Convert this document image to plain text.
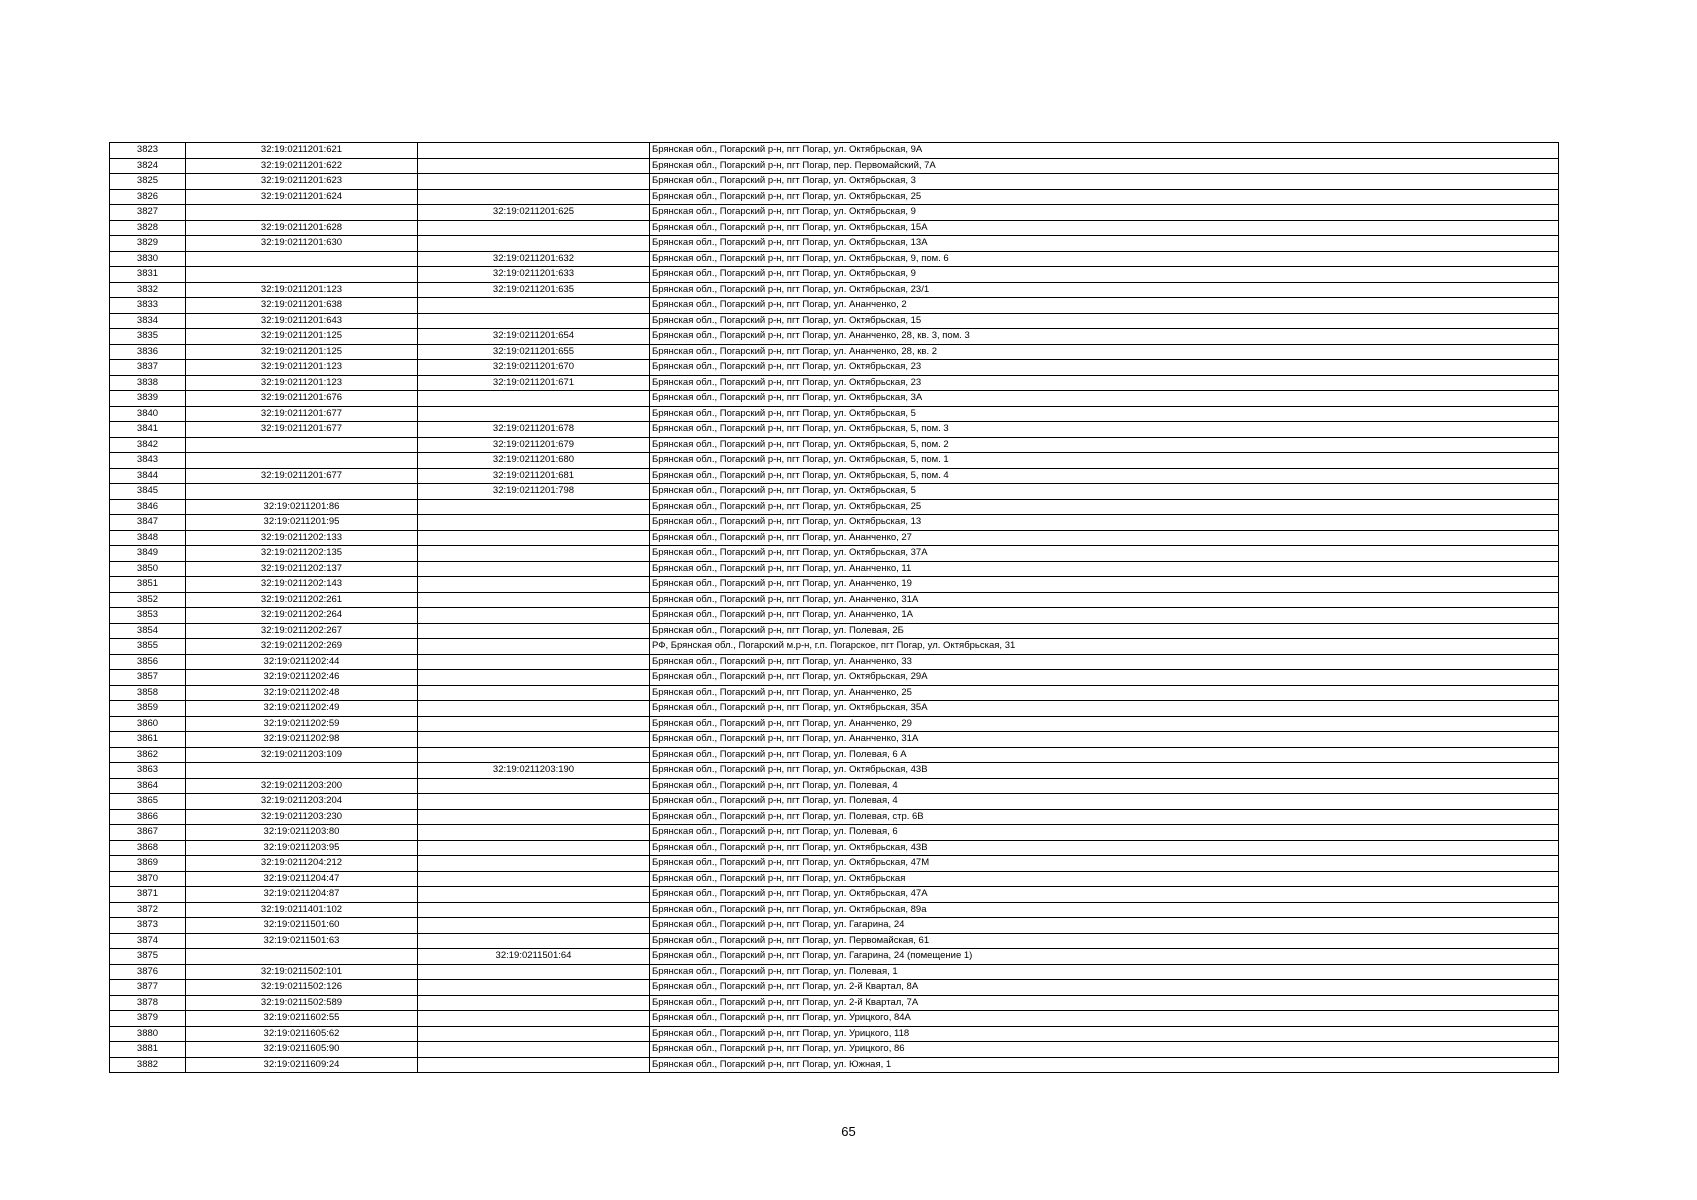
3823	32:19:0211201:621		Брянская обл., Погарский р-н, пгт Погар, ул. Октябрьская, 9А
3824	32:19:0211201:622		Брянская обл., Погарский р-н, пгт Погар, пер. Первомайский, 7А
3825	32:19:0211201:623		Брянская обл., Погарский р-н, пгт Погар, ул. Октябрьская, 3
3826	32:19:0211201:624		Брянская обл., Погарский р-н, пгт Погар, ул. Октябрьская, 25
3827		32:19:0211201:625	Брянская обл., Погарский р-н, пгт Погар, ул. Октябрьская, 9
3828	32:19:0211201:628		Брянская обл., Погарский р-н, пгт Погар, ул. Октябрьская, 15А
3829	32:19:0211201:630		Брянская обл., Погарский р-н, пгт Погар, ул. Октябрьская, 13А
3830		32:19:0211201:632	Брянская обл., Погарский р-н, пгт Погар, ул. Октябрьская, 9, пом. 6
3831		32:19:0211201:633	Брянская обл., Погарский р-н, пгт Погар, ул. Октябрьская, 9
3832	32:19:0211201:123	32:19:0211201:635	Брянская обл., Погарский р-н, пгт Погар, ул. Октябрьская, 23/1
3833	32:19:0211201:638		Брянская обл., Погарский р-н, пгт Погар, ул. Ананченко, 2
3834	32:19:0211201:643		Брянская обл., Погарский р-н, пгт Погар, ул. Октябрьская, 15
3835	32:19:0211201:125	32:19:0211201:654	Брянская обл., Погарский р-н, пгт Погар, ул. Ананченко, 28, кв. 3, пом. 3
3836	32:19:0211201:125	32:19:0211201:655	Брянская обл., Погарский р-н, пгт Погар, ул. Ананченко, 28, кв. 2
3837	32:19:0211201:123	32:19:0211201:670	Брянская обл., Погарский р-н, пгт Погар, ул. Октябрьская, 23
3838	32:19:0211201:123	32:19:0211201:671	Брянская обл., Погарский р-н, пгт Погар, ул. Октябрьская, 23
3839	32:19:0211201:676		Брянская обл., Погарский р-н, пгт Погар, ул. Октябрьская, 3А
3840	32:19:0211201:677		Брянская обл., Погарский р-н, пгт Погар, ул. Октябрьская, 5
3841	32:19:0211201:677	32:19:0211201:678	Брянская обл., Погарский р-н, пгт Погар, ул. Октябрьская, 5, пом. 3
3842		32:19:0211201:679	Брянская обл., Погарский р-н, пгт Погар, ул. Октябрьская, 5, пом. 2
3843		32:19:0211201:680	Брянская обл., Погарский р-н, пгт Погар, ул. Октябрьская, 5, пом. 1
3844	32:19:0211201:677	32:19:0211201:681	Брянская обл., Погарский р-н, пгт Погар, ул. Октябрьская, 5, пом. 4
3845		32:19:0211201:798	Брянская обл., Погарский р-н, пгт Погар, ул. Октябрьская, 5
3846	32:19:0211201:86		Брянская обл., Погарский р-н, пгт Погар, ул. Октябрьская, 25
3847	32:19:0211201:95		Брянская обл., Погарский р-н, пгт Погар, ул. Октябрьская, 13
3848	32:19:0211202:133		Брянская обл., Погарский р-н, пгт Погар, ул. Ананченко, 27
3849	32:19:0211202:135		Брянская обл., Погарский р-н, пгт Погар, ул. Октябрьская, 37А
3850	32:19:0211202:137		Брянская обл., Погарский р-н, пгт Погар, ул. Ананченко, 11
3851	32:19:0211202:143		Брянская обл., Погарский р-н, пгт Погар, ул. Ананченко, 19
3852	32:19:0211202:261		Брянская обл., Погарский р-н, пгт Погар, ул. Ананченко, 31А
3853	32:19:0211202:264		Брянская обл., Погарский р-н, пгт Погар, ул. Ананченко, 1А
3854	32:19:0211202:267		Брянская обл., Погарский р-н, пгт Погар, ул. Полевая, 2Б
3855	32:19:0211202:269		РФ, Брянская обл., Погарский м.р-н, г.п. Погарское, пгт Погар, ул. Октябрьская, 31
3856	32:19:0211202:44		Брянская обл., Погарский р-н, пгт Погар, ул. Ананченко, 33
3857	32:19:0211202:46		Брянская обл., Погарский р-н, пгт Погар, ул. Октябрьская, 29А
3858	32:19:0211202:48		Брянская обл., Погарский р-н, пгт Погар, ул. Ананченко, 25
3859	32:19:0211202:49		Брянская обл., Погарский р-н, пгт Погар, ул. Октябрьская, 35А
3860	32:19:0211202:59		Брянская обл., Погарский р-н, пгт Погар, ул. Ананченко, 29
3861	32:19:0211202:98		Брянская обл., Погарский р-н, пгт Погар, ул. Ананченко, 31А
3862	32:19:0211203:109		Брянская обл., Погарский р-н, пгт Погар, ул. Полевая, 6 А
3863		32:19:0211203:190	Брянская обл., Погарский р-н, пгт Погар, ул. Октябрьская, 43В
3864	32:19:0211203:200		Брянская обл., Погарский р-н, пгт Погар, ул. Полевая, 4
3865	32:19:0211203:204		Брянская обл., Погарский р-н, пгт Погар, ул. Полевая, 4
3866	32:19:0211203:230		Брянская обл., Погарский р-н, пгт Погар, ул. Полевая, стр. 6В
3867	32:19:0211203:80		Брянская обл., Погарский р-н, пгт Погар, ул. Полевая, 6
3868	32:19:0211203:95		Брянская обл., Погарский р-н, пгт Погар, ул. Октябрьская, 43В
3869	32:19:0211204:212		Брянская обл., Погарский р-н, пгт Погар, ул. Октябрьская, 47М
3870	32:19:0211204:47		Брянская обл., Погарский р-н, пгт Погар, ул. Октябрьская
3871	32:19:0211204:87		Брянская обл., Погарский р-н, пгт Погар, ул. Октябрьская, 47А
3872	32:19:0211401:102		Брянская обл., Погарский р-н, пгт Погар, ул. Октябрьская, 89а
3873	32:19:0211501:60		Брянская обл., Погарский р-н, пгт Погар, ул. Гагарина, 24
3874	32:19:0211501:63		Брянская обл., Погарский р-н, пгт Погар, ул. Первомайская, 61
3875		32:19:0211501:64	Брянская обл., Погарский р-н, пгт Погар, ул. Гагарина, 24 (помещение 1)
3876	32:19:0211502:101		Брянская обл., Погарский р-н, пгт Погар, ул. Полевая, 1
3877	32:19:0211502:126		Брянская обл., Погарский р-н, пгт Погар, ул. 2-й Квартал, 8А
3878	32:19:0211502:589		Брянская обл., Погарский р-н, пгт Погар, ул. 2-й Квартал, 7А
3879	32:19:0211602:55		Брянская обл., Погарский р-н, пгт Погар, ул. Урицкого, 84А
3880	32:19:0211605:62		Брянская обл., Погарский р-н, пгт Погар, ул. Урицкого, 118
3881	32:19:0211605:90		Брянская обл., Погарский р-н, пгт Погар, ул. Урицкого, 86
3882	32:19:0211609:24		Брянская обл., Погарский р-н, пгт Погар, ул. Южная, 1
65
